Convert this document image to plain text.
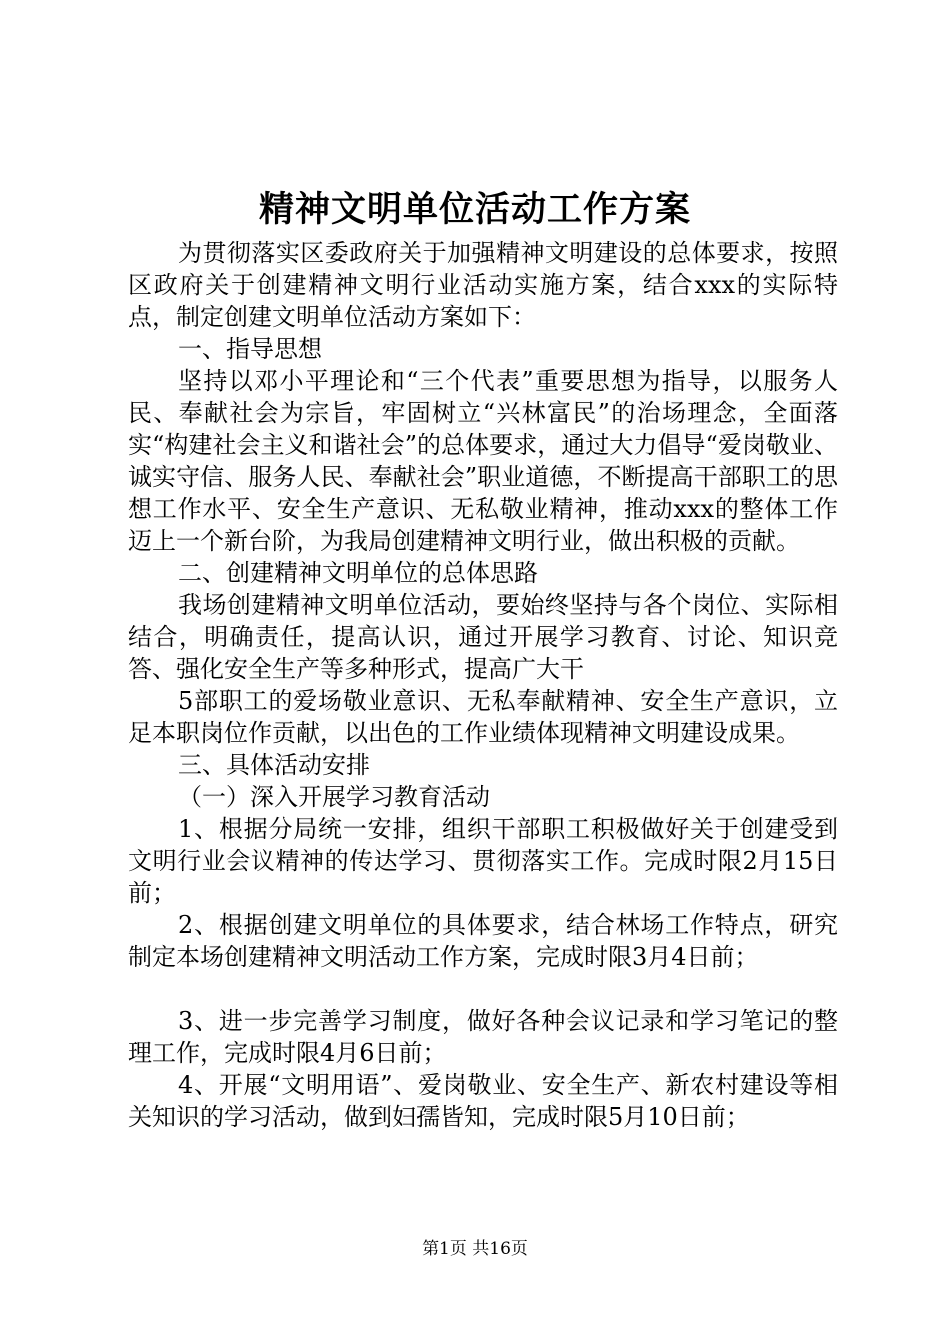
精神文明单位活动工作方案

为贯彻落实区委政府关于加强精神文明建设的总体要求，按照区政府关于创建精神文明行业活动实施方案，结合xxx的实际特点，制定创建文明单位活动方案如下：

一、指导思想

坚持以邓小平理论和“三个代表”重要思想为指导，以服务人民、奉献社会为宗旨，牢固树立“兴林富民”的治场理念，全面落实“构建社会主义和谐社会”的总体要求，通过大力倡导“爱岗敬业、诚实守信、服务人民、奉献社会”职业道德，不断提高干部职工的思想工作水平、安全生产意识、无私敬业精神，推动xxx的整体工作迈上一个新台阶，为我局创建精神文明行业，做出积极的贡献。

二、创建精神文明单位的总体思路

我场创建精神文明单位活动，要始终坚持与各个岗位、实际相结合，明确责任，提高认识，通过开展学习教育、讨论、知识竞答、强化安全生产等多种形式，提高广大干

5部职工的爱场敬业意识、无私奉献精神、安全生产意识，立足本职岗位作贡献，以出色的工作业绩体现精神文明建设成果。

三、具体活动安排

（一）深入开展学习教育活动

1、根据分局统一安排，组织干部职工积极做好关于创建受到文明行业会议精神的传达学习、贯彻落实工作。完成时限2月15日前；

2、根据创建文明单位的具体要求，结合林场工作特点，研究制定本场创建精神文明活动工作方案，完成时限3月4日前；

3、进一步完善学习制度，做好各种会议记录和学习笔记的整理工作，完成时限4月6日前；

4、开展“文明用语”、爱岗敬业、安全生产、新农村建设等相关知识的学习活动，做到妇孺皆知，完成时限5月10日前；

第1页 共16页
